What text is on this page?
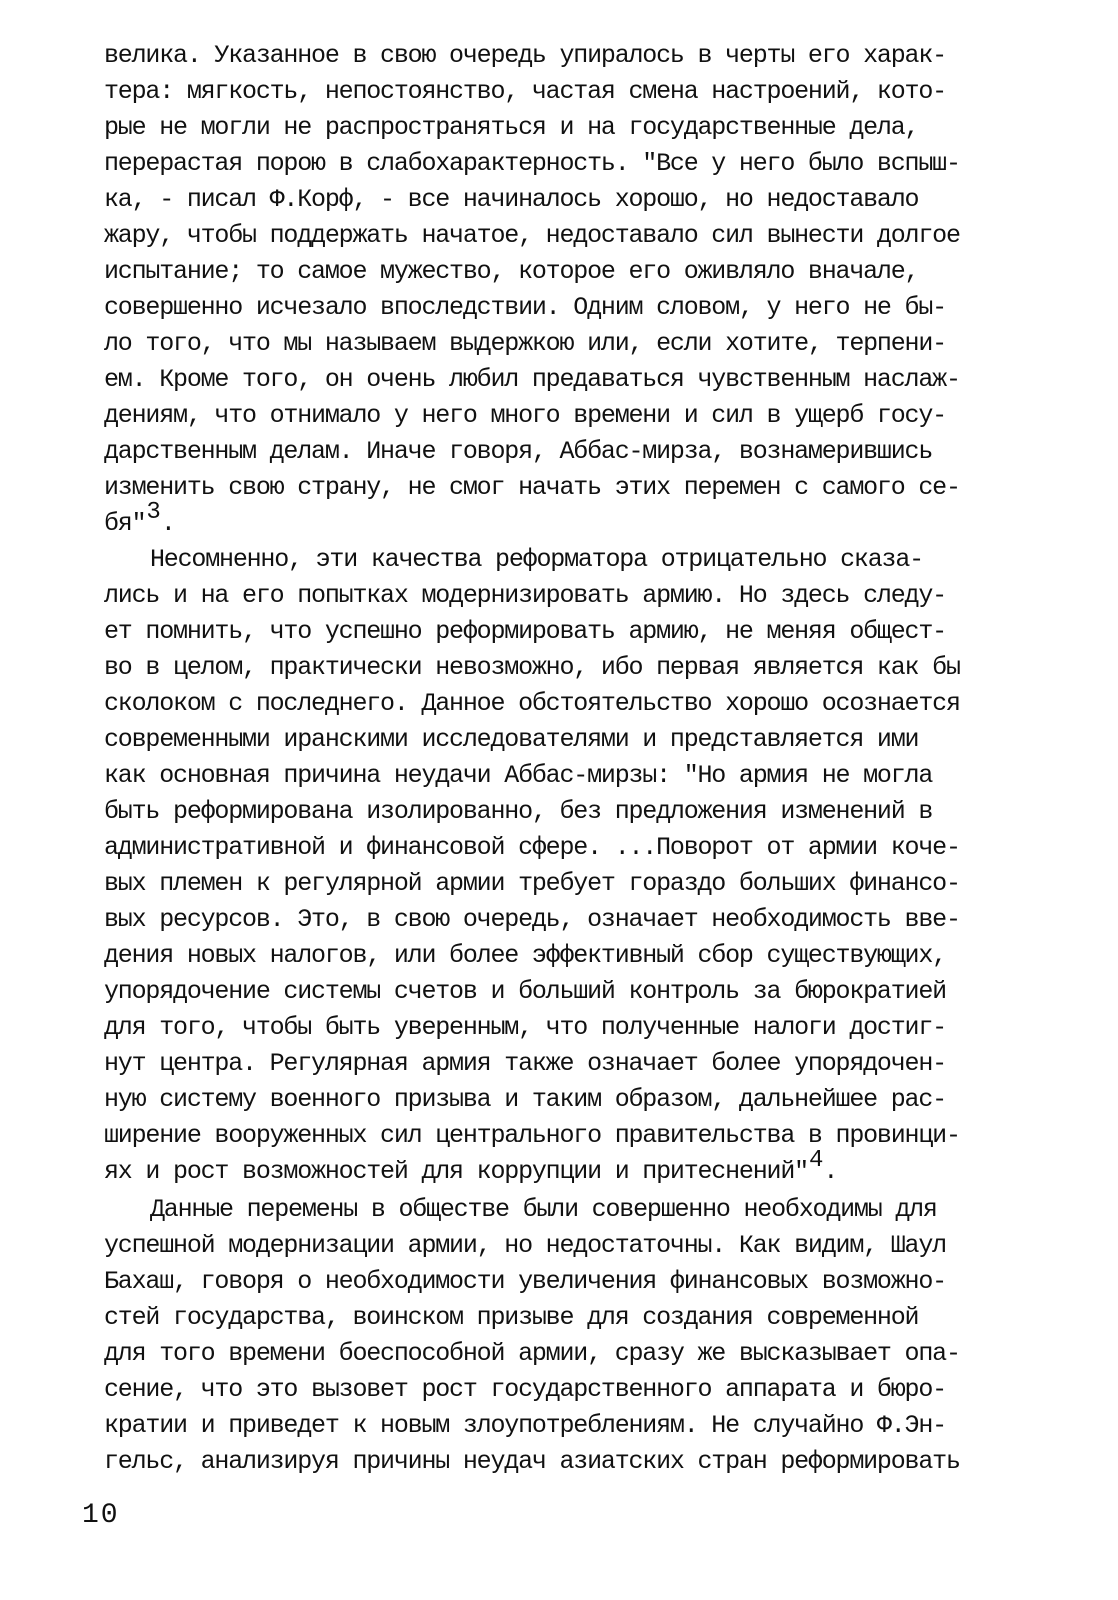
велика. Указанное в свою очередь упиралось в черты его харак-

тера: мягкость, непостоянство, частая смена настроений, кото-

рые не могли не распространяться и на государственные дела,

перерастая порою в слабохарактерность. "Все у него было вспыш-

ка, - писал Ф.Корф, - все начиналось хорошо, но недоставало

жару, чтобы поддержать начатое, недоставало сил вынести долгое

испытание; то самое мужество, которое его оживляло вначале,

совершенно исчезало впоследствии. Одним словом, у него не бы-

ло того, что мы называем выдержкою или, если хотите, терпени-

ем. Кроме того, он очень любил предаваться чувственным наслаж-

дениям, что отнимало у него много времени и сил в ущерб госу-

дарственным делам. Иначе говоря, Аббас-мирза, вознамерившись

изменить свою страну, не смог начать этих перемен с самого се-

бя"3.

Несомненно, эти качества реформатора отрицательно сказа-

лись и на его попытках модернизировать армию. Но здесь следу-

ет помнить, что успешно реформировать армию, не меняя общест-

во в целом, практически невозможно, ибо первая является как бы

сколоком с последнего. Данное обстоятельство хорошо осознается

современными иранскими исследователями и представляется ими

как основная причина неудачи Аббас-мирзы: "Но армия не могла

быть реформирована изолированно, без предложения изменений в

административной и финансовой сфере. ...Поворот от армии коче-

вых племен к регулярной армии требует гораздо больших финансо-

вых ресурсов. Это, в свою очередь, означает необходимость вве-

дения новых налогов, или более эффективный сбор существующих,

упорядочение системы счетов и больший контроль за бюрократией

для того, чтобы быть уверенным, что полученные налоги достиг-

нут центра. Регулярная армия также означает более упорядочен-

ную систему военного призыва и таким образом, дальнейшее рас-

ширение вооруженных сил центрального правительства в провинци-

ях и рост возможностей для коррупции и притеснений"4.

Данные перемены в обществе были совершенно необходимы для

успешной модернизации армии, но недостаточны. Как видим, Шаул

Бахаш, говоря о необходимости увеличения финансовых возможно-

стей государства, воинском призыве для создания современной

для того времени боеспособной армии, сразу же высказывает опа-

сение, что это вызовет рост государственного аппарата и бюро-

кратии и приведет к новым злоупотреблениям. Не случайно Ф.Эн-

гельс, анализируя причины неудач азиатских стран реформировать

10
